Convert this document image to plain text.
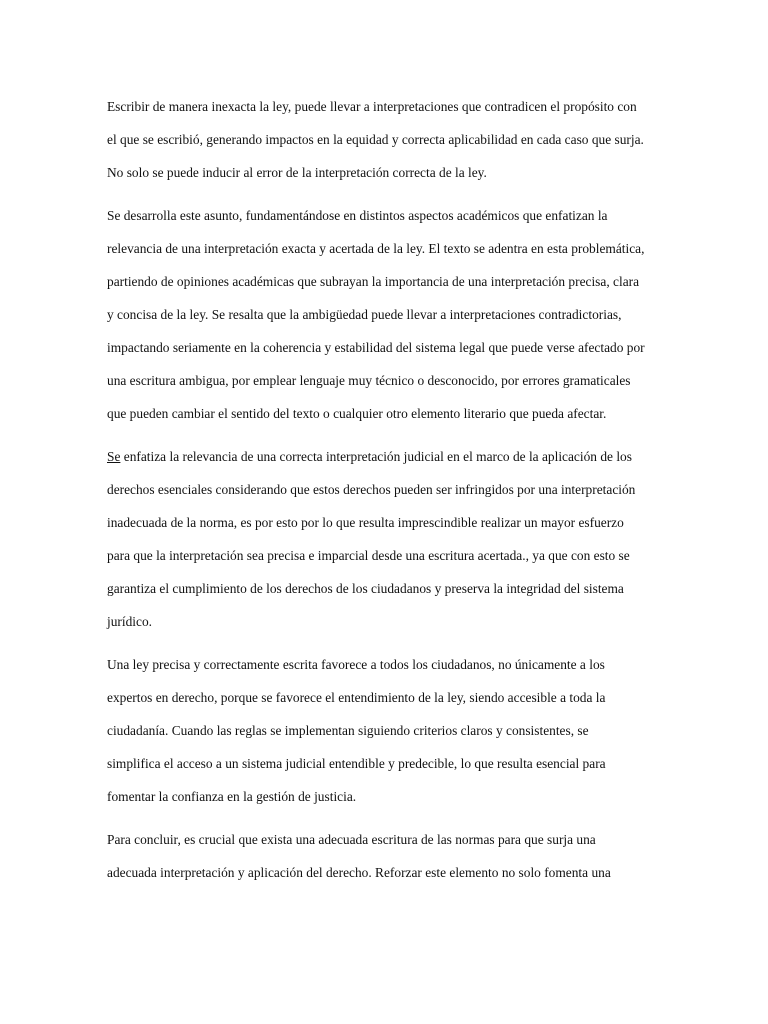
Escribir de manera inexacta la ley, puede llevar a interpretaciones que contradicen el propósito con
el que se escribió, generando impactos en la equidad y correcta aplicabilidad en cada caso que surja.
No solo se puede inducir al error de la interpretación correcta de la ley.
Se desarrolla este asunto, fundamentándose en distintos aspectos académicos que enfatizan la
relevancia de una interpretación exacta y acertada de la ley. El texto se adentra en esta problemática,
partiendo de opiniones académicas que subrayan la importancia de una interpretación precisa, clara
y concisa de la ley. Se resalta que la ambigüedad puede llevar a interpretaciones contradictorias,
impactando seriamente en la coherencia y estabilidad del sistema legal que puede verse afectado por
una escritura ambigua, por emplear lenguaje muy técnico o desconocido, por errores gramaticales
que pueden cambiar el sentido del texto o cualquier otro elemento literario que pueda afectar.
Se enfatiza la relevancia de una correcta interpretación judicial en el marco de la aplicación de los
derechos esenciales considerando que estos derechos pueden ser infringidos por una interpretación
inadecuada de la norma, es por esto por lo que resulta imprescindible realizar un mayor esfuerzo
para que la interpretación sea precisa e imparcial desde una escritura acertada., ya que con esto se
garantiza el cumplimiento de los derechos de los ciudadanos y preserva la integridad del sistema
jurídico.
Una ley precisa y correctamente escrita favorece a todos los ciudadanos, no únicamente a los
expertos en derecho, porque se favorece el entendimiento de la ley, siendo accesible a toda la
ciudadanía. Cuando las reglas se implementan siguiendo criterios claros y consistentes, se
simplifica el acceso a un sistema judicial entendible y predecible, lo que resulta esencial para
fomentar la confianza en la gestión de justicia.
Para concluir, es crucial que exista una adecuada escritura de las normas para que surja una
adecuada interpretación y aplicación del derecho. Reforzar este elemento no solo fomenta una
